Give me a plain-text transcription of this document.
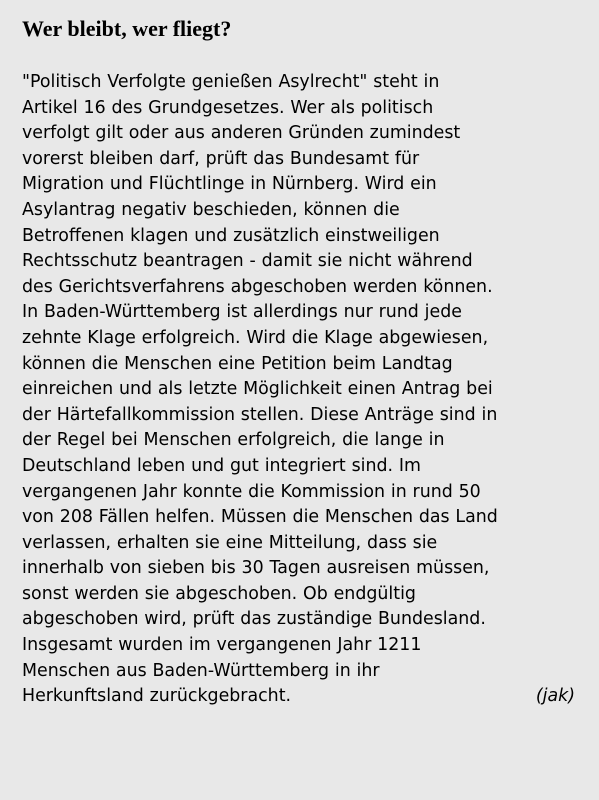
Wer bleibt, wer fliegt?
"Politisch Verfolgte genießen Asylrecht" steht in
Artikel 16 des Grundgesetzes. Wer als politisch
verfolgt gilt oder aus anderen Gründen zumindest
vorerst bleiben darf, prüft das Bundesamt für
Migration und Flüchtlinge in Nürnberg. Wird ein
Asylantrag negativ beschieden, können die
Betroffenen klagen und zusätzlich einstweiligen
Rechtsschutz beantragen - damit sie nicht während
des Gerichtsverfahrens abgeschoben werden können.
In Baden-Württemberg ist allerdings nur rund jede
zehnte Klage erfolgreich. Wird die Klage abgewiesen,
können die Menschen eine Petition beim Landtag
einreichen und als letzte Möglichkeit einen Antrag bei
der Härtefallkommission stellen. Diese Anträge sind in
der Regel bei Menschen erfolgreich, die lange in
Deutschland leben und gut integriert sind. Im
vergangenen Jahr konnte die Kommission in rund 50
von 208 Fällen helfen. Müssen die Menschen das Land
verlassen, erhalten sie eine Mitteilung, dass sie
innerhalb von sieben bis 30 Tagen ausreisen müssen,
sonst werden sie abgeschoben. Ob endgültig
abgeschoben wird, prüft das zuständige Bundesland.
Insgesamt wurden im vergangenen Jahr 1211
Menschen aus Baden-Württemberg in ihr
Herkunftsland zurückgebracht.	(jak)
